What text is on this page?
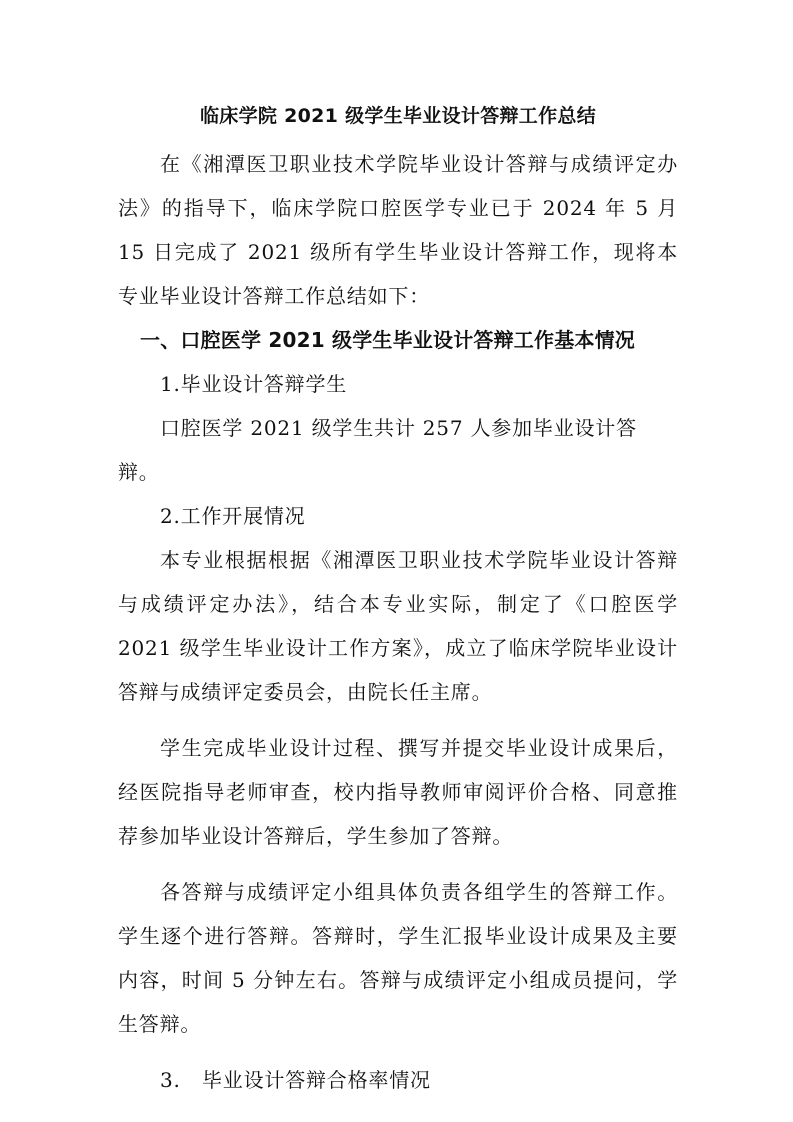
临床学院 2021 级学生毕业设计答辩工作总结

在《湘潭医卫职业技术学院毕业设计答辩与成绩评定办法》的指导下，临床学院口腔医学专业已于 2024 年 5 月 15 日完成了 2021 级所有学生毕业设计答辩工作，现将本专业毕业设计答辩工作总结如下：

一、口腔医学 2021 级学生毕业设计答辩工作基本情况

1.毕业设计答辩学生

口腔医学 2021 级学生共计 257 人参加毕业设计答辩。

2.工作开展情况

本专业根据根据《湘潭医卫职业技术学院毕业设计答辩与成绩评定办法》，结合本专业实际，制定了《口腔医学 2021 级学生毕业设计工作方案》，成立了临床学院毕业设计答辩与成绩评定委员会，由院长任主席。

学生完成毕业设计过程、撰写并提交毕业设计成果后，经医院指导老师审查，校内指导教师审阅评价合格、同意推荐参加毕业设计答辩后，学生参加了答辩。

各答辩与成绩评定小组具体负责各组学生的答辩工作。学生逐个进行答辩。答辩时，学生汇报毕业设计成果及主要内容，时间 5 分钟左右。答辩与成绩评定小组成员提问，学生答辩。

3. 毕业设计答辩合格率情况
